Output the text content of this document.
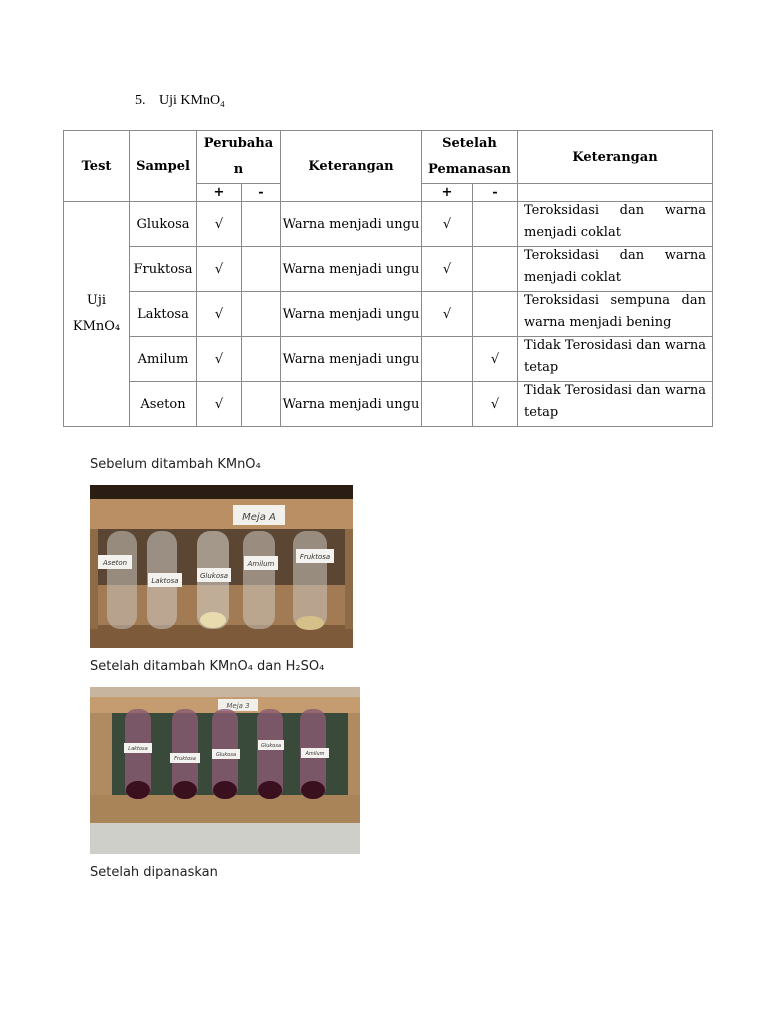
5. Uji KMnO₄
Test	Sampel	Perubaha n		Keterangan	Setelah Pemanasan		Keterangan
		+	-		+	-	
Uji KMnO₄	Glukosa	√		Warna menjadi ungu	√		Teroksidasi dan warna
menjadi coklat

	Fruktosa	√		Warna menjadi ungu	√		Teroksidasi dan warna
menjadi coklat

	Laktosa	√		Warna menjadi ungu	√		Teroksidasi sempuna dan
warna menjadi bening

	Amilum	√		Warna menjadi ungu		√	Tidak Terosidasi dan warna
tetap

	Aseton	√		Warna menjadi ungu		√	Tidak Terosidasi dan warna
tetap
Sebelum ditambah KMnO₄
Meja A
Aseton
Laktosa
Glukosa
Amilum
Fruktosa
Setelah ditambah KMnO₄ dan H₂SO₄
Meja 3
Laktosa
Fruktosa
Glukosa
Glukosa
Amilum
Setelah dipanaskan
